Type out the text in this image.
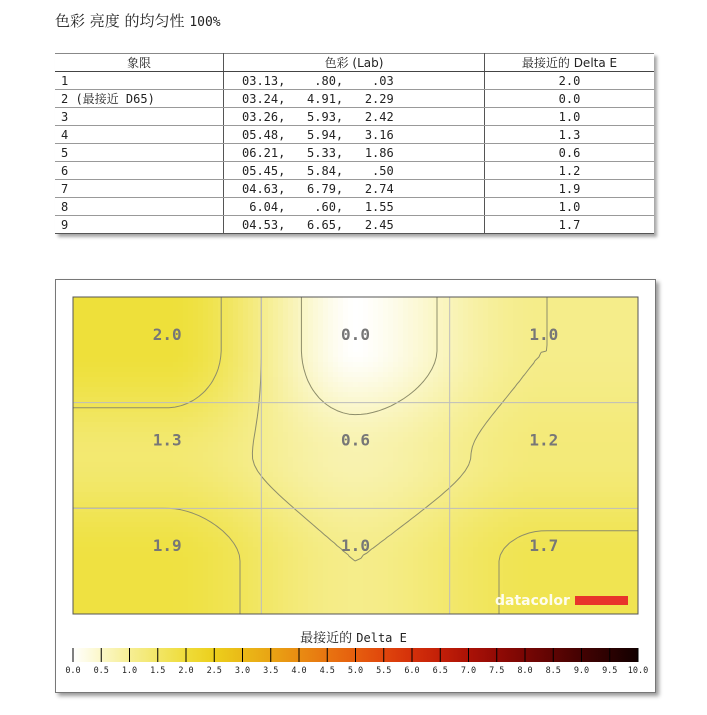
色彩 亮度 的均匀性 100%
象限	色彩 (Lab)	最接近的 Delta E
1	03.13,    .80,    .03	2.0
2 (最接近 D65)	03.24,   4.91,   2.29	0.0
3	03.26,   5.93,   2.42	1.0
4	05.48,   5.94,   3.16	1.3
5	06.21,   5.33,   1.86	0.6
6	05.45,   5.84,    .50	1.2
7	04.63,   6.79,   2.74	1.9
8	6.04,    .60,   1.55	1.0
9	04.53,   6.65,   2.45	1.7
2.0	0.0	1.0
1.3	0.6	1.2
1.9	1.0	1.7
datacolor
0.0 0.5 1.0 1.5 2.0 2.5 3.0 3.5 4.0 4.5 5.0 5.5 6.0 6.5 7.0 7.5 8.0 8.5 9.0 9.5 10.0
最接近的 Delta E
